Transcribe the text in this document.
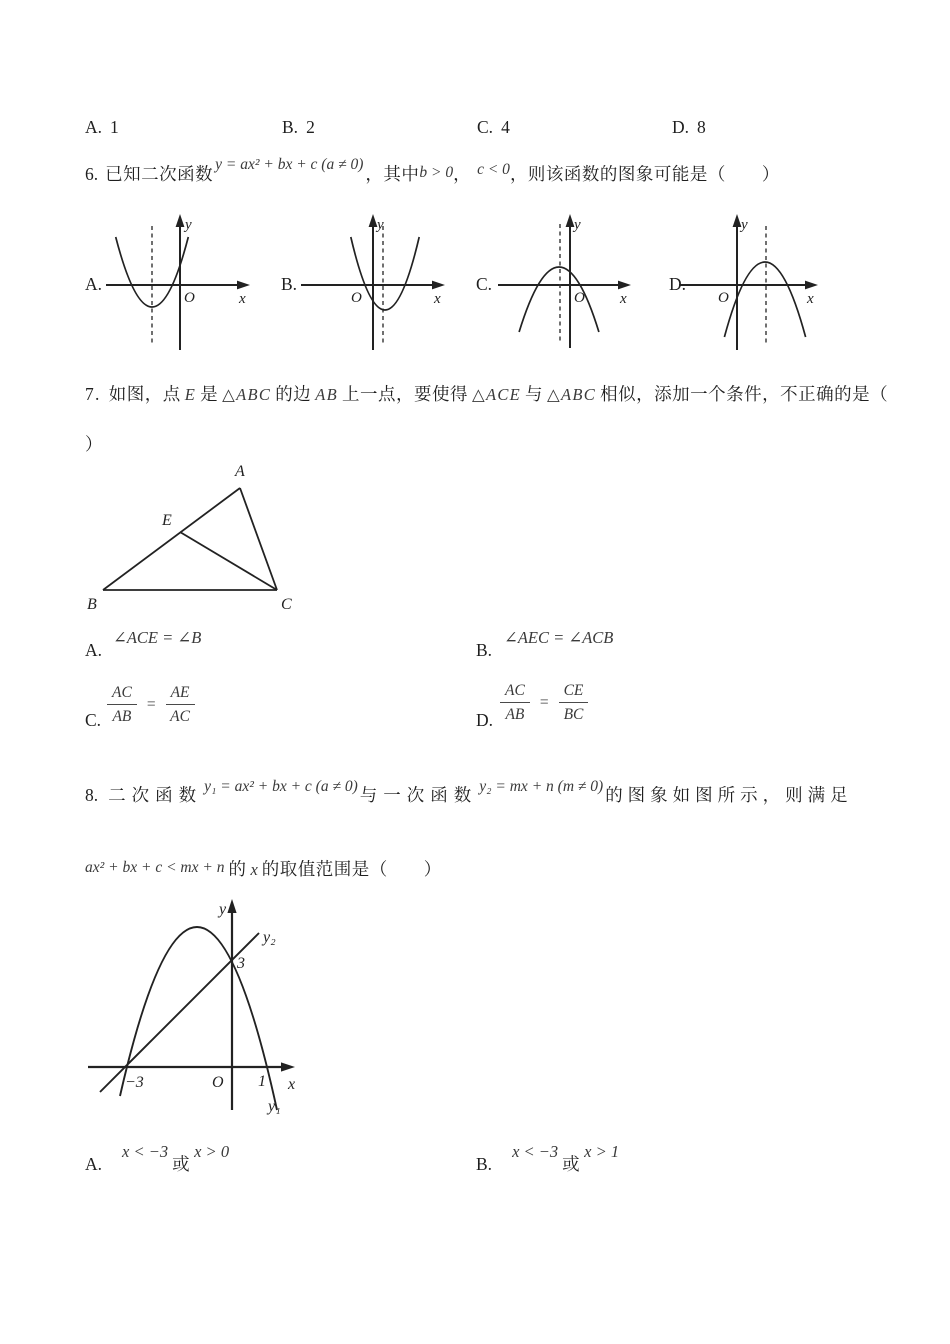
A. 1	B. 2	C. 4	D. 8
6. 已知二次函数 y = ax² + bx + c (a ≠ 0) ，其中b > 0， c < 0，则该函数的图象可能是（　　）
A.
y
x
O
B.
y
x
O
C.
y
x
O
D.
y
x
O
7. 如图，点 E 是 △ABC 的边 AB 上一点，要使得 △ACE 与 △ABC 相似，添加一个条件，不正确的是（
）
A
E
B	C
A.
∠ACE = ∠B
B.
∠AEC = ∠ACB
C. $\frac{AC}{AB} = \frac{AE}{AC}$	D. $\frac{AC}{AB} = \frac{CE}{BC}$
8. 二次函数 y₁ = ax² + bx + c (a ≠ 0) 与一次函数 y₂ = mx + n (m ≠ 0) 的图象如图所示，则满足
ax² + bx + c < mx + n 的 x 的取值范围是（　　）
y
y₂
3
−3	O 1 x
y₁
A.x < −3或x > 0
B.x < −3或x > 1
